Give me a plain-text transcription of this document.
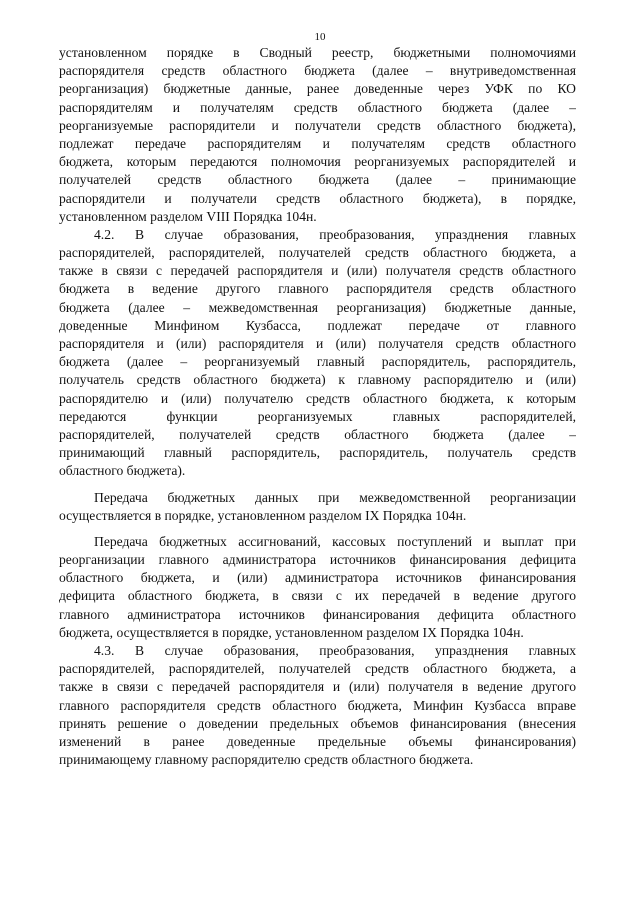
10
установленном порядке в Сводный реестр, бюджетными полномочиями
распорядителя средств областного бюджета (далее – внутриведомственная
реорганизация) бюджетные данные, ранее доведенные через УФК по КО
распорядителям и получателям средств областного бюджета (далее –
реорганизуемые распорядители и получатели средств областного бюджета),
подлежат передаче распорядителям и получателям средств областного
бюджета, которым передаются полномочия реорганизуемых распорядителей и
получателей средств областного бюджета (далее – принимающие
распорядители и получатели средств областного бюджета), в порядке,
установленном разделом VIII Порядка 104н.
4.2. В случае образования, преобразования, упразднения главных
распорядителей, распорядителей, получателей средств областного бюджета, а
также в связи с передачей распорядителя и (или) получателя средств областного
бюджета в ведение другого главного распорядителя средств областного
бюджета (далее – межведомственная реорганизация) бюджетные данные,
доведенные Минфином Кузбасса, подлежат передаче от главного
распорядителя и (или) распорядителя и (или) получателя средств областного
бюджета (далее – реорганизуемый главный распорядитель, распорядитель,
получатель средств областного бюджета) к главному распорядителю и (или)
распорядителю и (или) получателю средств областного бюджета, к которым
передаются функции реорганизуемых главных распорядителей,
распорядителей, получателей средств областного бюджета (далее –
принимающий главный распорядитель, распорядитель, получатель средств
областного бюджета).
Передача бюджетных данных при межведомственной реорганизации
осуществляется в порядке, установленном разделом IX Порядка 104н.
Передача бюджетных ассигнований, кассовых поступлений и выплат при
реорганизации главного администратора источников финансирования дефицита
областного бюджета, и (или) администратора источников финансирования
дефицита областного бюджета, в связи с их передачей в ведение другого
главного администратора источников финансирования дефицита областного
бюджета, осуществляется в порядке, установленном разделом IX Порядка 104н.
4.3. В случае образования, преобразования, упразднения главных
распорядителей, распорядителей, получателей средств областного бюджета, а
также в связи с передачей распорядителя и (или) получателя в ведение другого
главного распорядителя средств областного бюджета, Минфин Кузбасса вправе
принять решение о доведении предельных объемов финансирования (внесения
изменений в ранее доведенные предельные объемы финансирования)
принимающему главному распорядителю средств областного бюджета.
